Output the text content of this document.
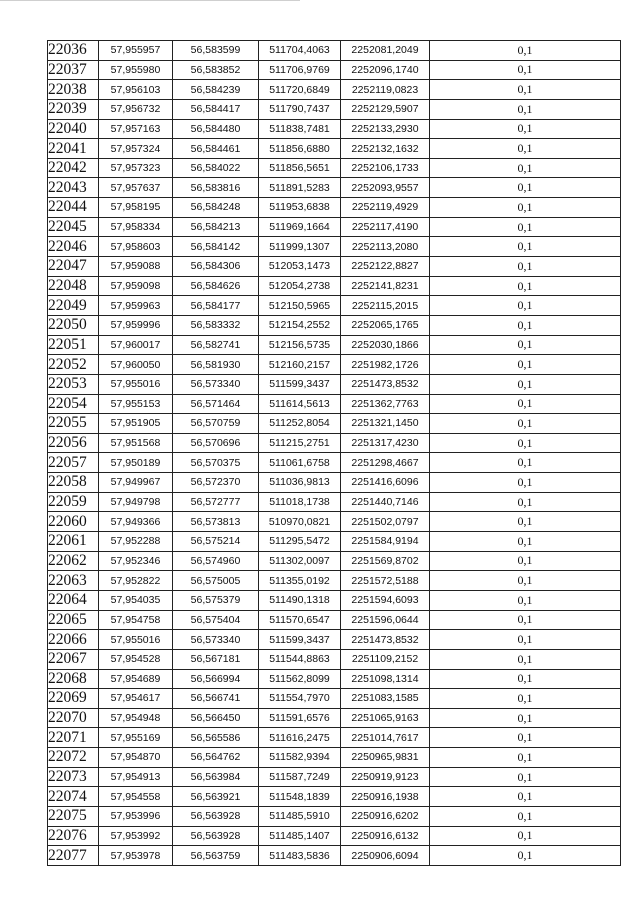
22036	57,955957	56,583599	511704,4063	2252081,2049	0,1
22037	57,955980	56,583852	511706,9769	2252096,1740	0,1
22038	57,956103	56,584239	511720,6849	2252119,0823	0,1
22039	57,956732	56,584417	511790,7437	2252129,5907	0,1
22040	57,957163	56,584480	511838,7481	2252133,2930	0,1
22041	57,957324	56,584461	511856,6880	2252132,1632	0,1
22042	57,957323	56,584022	511856,5651	2252106,1733	0,1
22043	57,957637	56,583816	511891,5283	2252093,9557	0,1
22044	57,958195	56,584248	511953,6838	2252119,4929	0,1
22045	57,958334	56,584213	511969,1664	2252117,4190	0,1
22046	57,958603	56,584142	511999,1307	2252113,2080	0,1
22047	57,959088	56,584306	512053,1473	2252122,8827	0,1
22048	57,959098	56,584626	512054,2738	2252141,8231	0,1
22049	57,959963	56,584177	512150,5965	2252115,2015	0,1
22050	57,959996	56,583332	512154,2552	2252065,1765	0,1
22051	57,960017	56,582741	512156,5735	2252030,1866	0,1
22052	57,960050	56,581930	512160,2157	2251982,1726	0,1
22053	57,955016	56,573340	511599,3437	2251473,8532	0,1
22054	57,955153	56,571464	511614,5613	2251362,7763	0,1
22055	57,951905	56,570759	511252,8054	2251321,1450	0,1
22056	57,951568	56,570696	511215,2751	2251317,4230	0,1
22057	57,950189	56,570375	511061,6758	2251298,4667	0,1
22058	57,949967	56,572370	511036,9813	2251416,6096	0,1
22059	57,949798	56,572777	511018,1738	2251440,7146	0,1
22060	57,949366	56,573813	510970,0821	2251502,0797	0,1
22061	57,952288	56,575214	511295,5472	2251584,9194	0,1
22062	57,952346	56,574960	511302,0097	2251569,8702	0,1
22063	57,952822	56,575005	511355,0192	2251572,5188	0,1
22064	57,954035	56,575379	511490,1318	2251594,6093	0,1
22065	57,954758	56,575404	511570,6547	2251596,0644	0,1
22066	57,955016	56,573340	511599,3437	2251473,8532	0,1
22067	57,954528	56,567181	511544,8863	2251109,2152	0,1
22068	57,954689	56,566994	511562,8099	2251098,1314	0,1
22069	57,954617	56,566741	511554,7970	2251083,1585	0,1
22070	57,954948	56,566450	511591,6576	2251065,9163	0,1
22071	57,955169	56,565586	511616,2475	2251014,7617	0,1
22072	57,954870	56,564762	511582,9394	2250965,9831	0,1
22073	57,954913	56,563984	511587,7249	2250919,9123	0,1
22074	57,954558	56,563921	511548,1839	2250916,1938	0,1
22075	57,953996	56,563928	511485,5910	2250916,6202	0,1
22076	57,953992	56,563928	511485,1407	2250916,6132	0,1
22077	57,953978	56,563759	511483,5836	2250906,6094	0,1
